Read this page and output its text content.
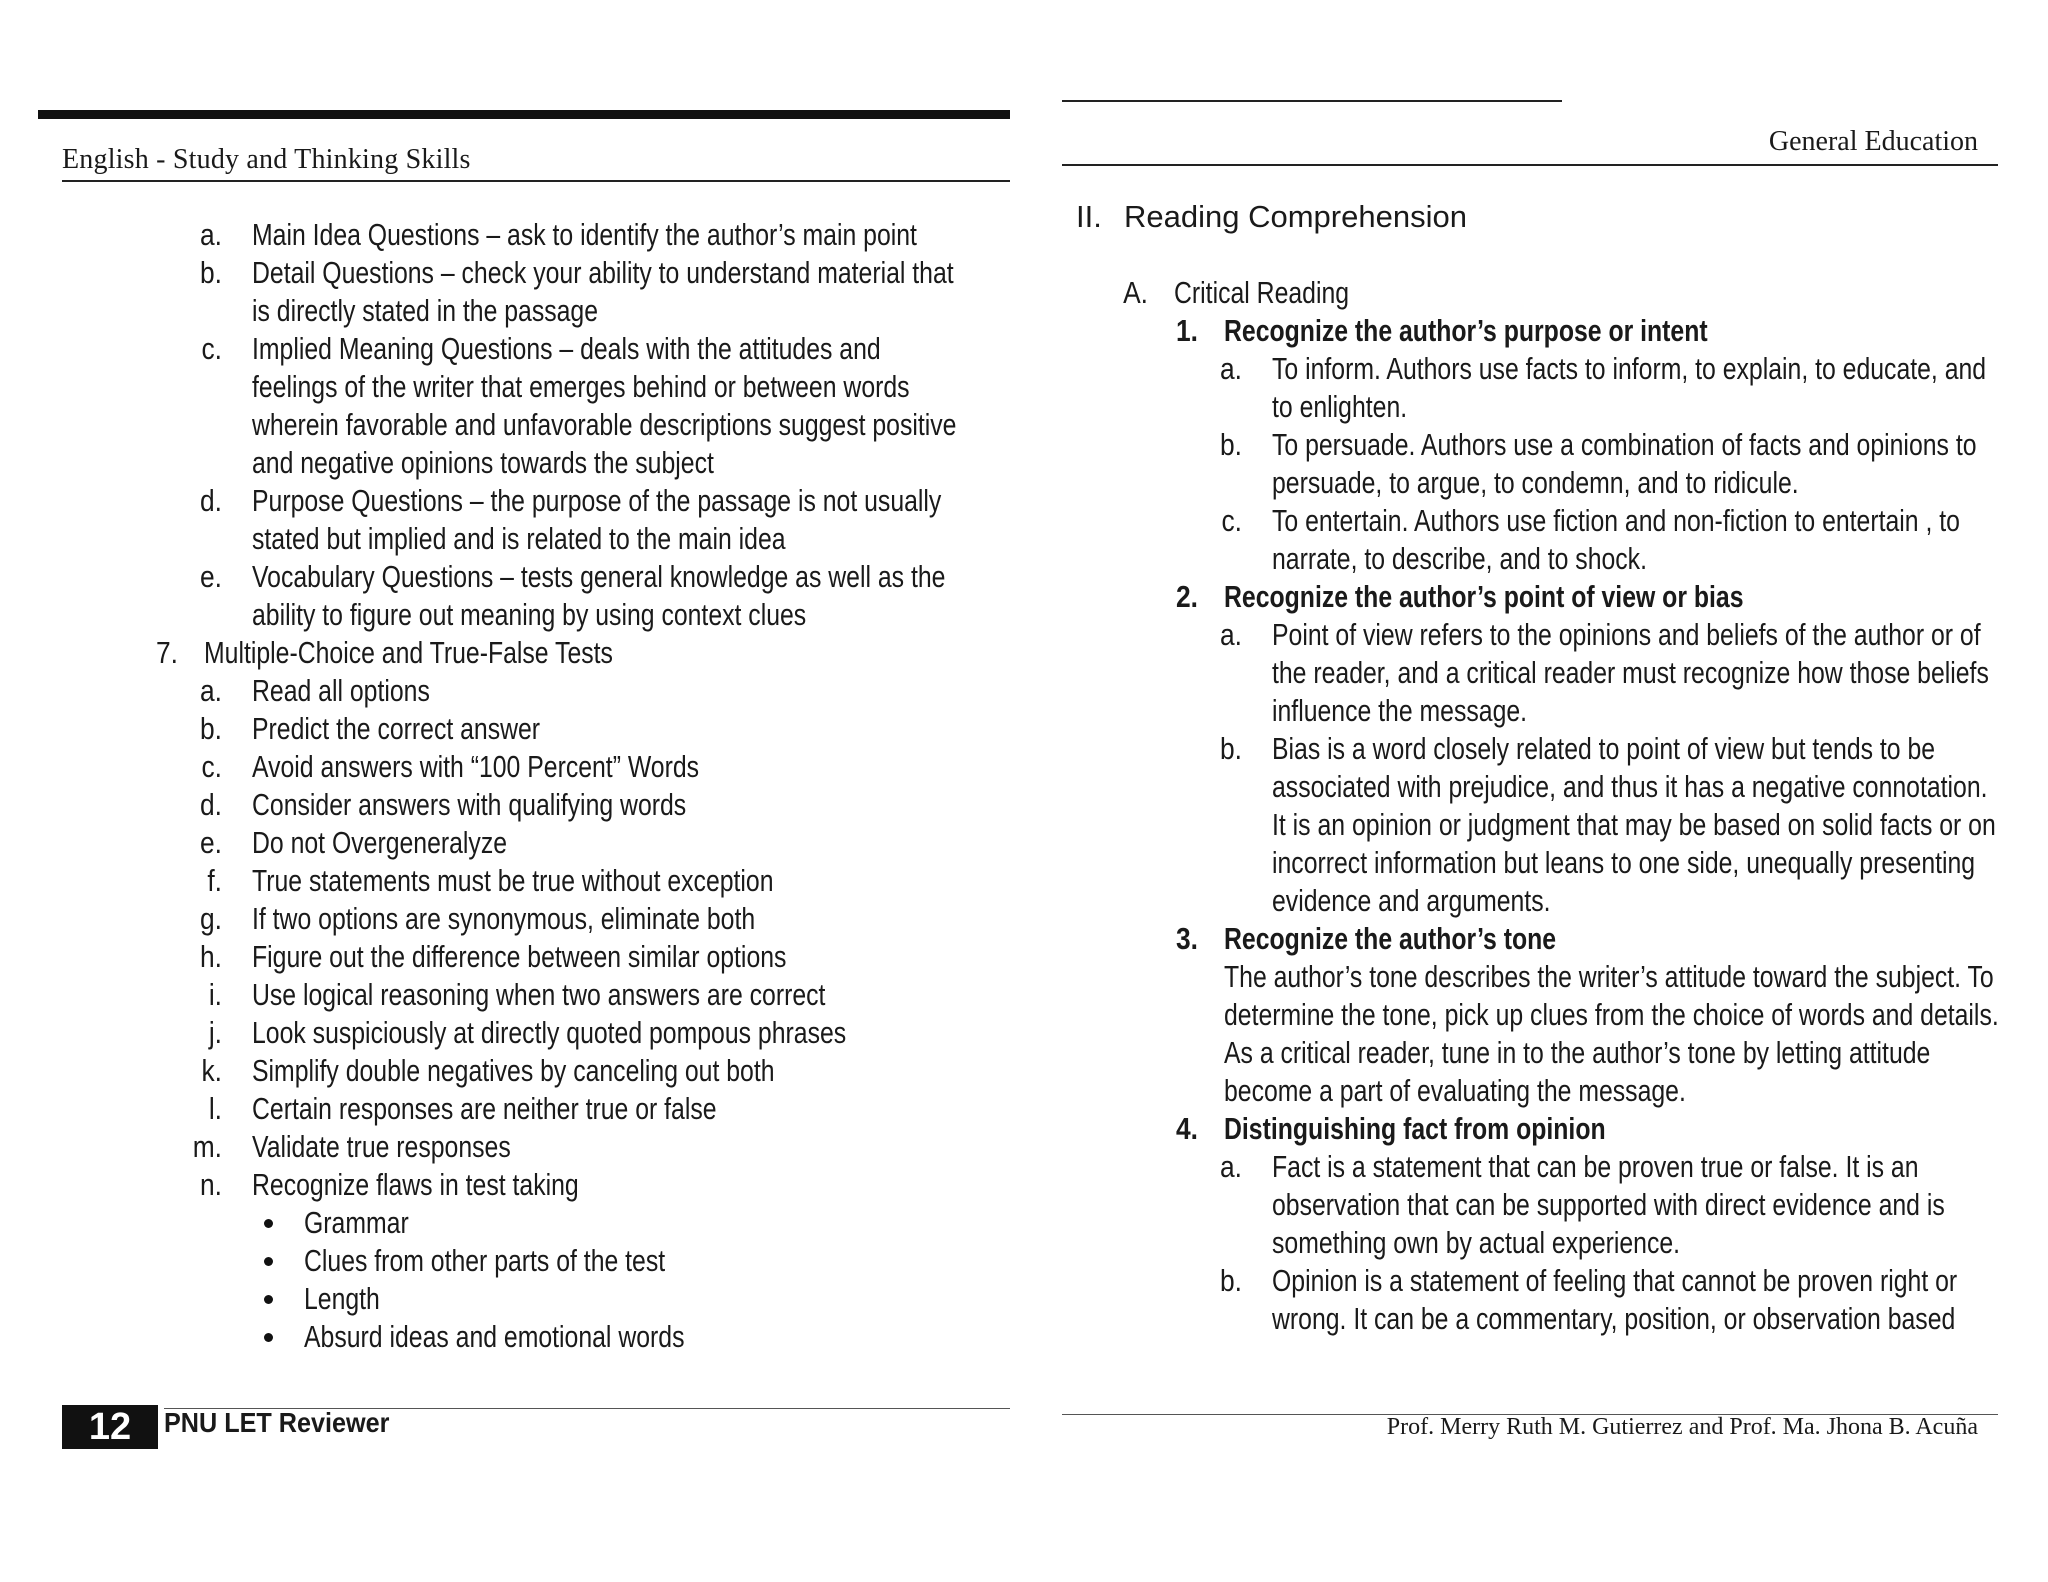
English - Study and Thinking Skills
General Education
a. Main Idea Questions – ask to identify the author’s main point
b. Detail Questions – check your ability to understand material that
is directly stated in the passage
c. Implied Meaning Questions – deals with the attitudes and
feelings of the writer that emerges behind or between words
wherein favorable and unfavorable descriptions suggest positive
and negative opinions towards the subject
d. Purpose Questions – the purpose of the passage is not usually
stated but implied and is related to the main idea
e. Vocabulary Questions – tests general knowledge as well as the
ability to figure out meaning by using context clues
7. Multiple-Choice and True-False Tests
a. Read all options
b. Predict the correct answer
c. Avoid answers with “100 Percent” Words
d. Consider answers with qualifying words
e. Do not Overgeneralyze
f. True statements must be true without exception
g. If two options are synonymous, eliminate both
h. Figure out the difference between similar options
i. Use logical reasoning when two answers are correct
j. Look suspiciously at directly quoted pompous phrases
k. Simplify double negatives by canceling out both
l. Certain responses are neither true or false
m. Validate true responses
n. Recognize flaws in test taking
Grammar
Clues from other parts of the test
Length
Absurd ideas and emotional words
II. Reading Comprehension
A. Critical Reading
1. Recognize the author’s purpose or intent
a. To inform. Authors use facts to inform, to explain, to educate, and
to enlighten.
b. To persuade. Authors use a combination of facts and opinions to
persuade, to argue, to condemn, and to ridicule.
c. To entertain. Authors use fiction and non-fiction to entertain , to
narrate, to describe, and to shock.
2. Recognize the author’s point of view or bias
a. Point of view refers to the opinions and beliefs of the author or of
the reader, and a critical reader must recognize how those beliefs
influence the message.
b. Bias is a word closely related to point of view but tends to be
associated with prejudice, and thus it has a negative connotation.
It is an opinion or judgment that may be based on solid facts or on
incorrect information but leans to one side, unequally presenting
evidence and arguments.
3. Recognize the author’s tone
The author’s tone describes the writer’s attitude toward the subject. To
determine the tone, pick up clues from the choice of words and details.
As a critical reader, tune in to the author’s tone by letting attitude
become a part of evaluating the message.
4. Distinguishing fact from opinion
a. Fact is a statement that can be proven true or false. It is an
observation that can be supported with direct evidence and is
something own by actual experience.
b. Opinion is a statement of feeling that cannot be proven right or
wrong. It can be a commentary, position, or observation based
12	PNU LET Reviewer	Prof. Merry Ruth M. Gutierrez and Prof. Ma. Jhona B. Acuña
